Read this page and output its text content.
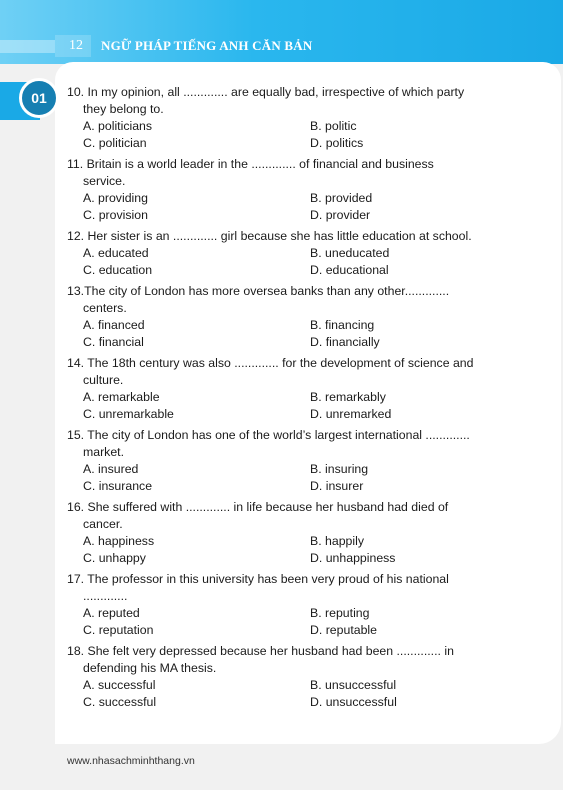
12	NGỮ PHÁP TIẾNG ANH CĂN BẢN
01	10. In my opinion, all ............. are equally bad, irrespective of which party
they belong to.
A. politicians	B. politic
C. politician	D. politics
11. Britain is a world leader in the ............. of financial and business
service.
A. providing	B. provided
C. provision	D. provider
12. Her sister is an ............. girl because she has little education at school.
A. educated	B. uneducated
C. education	D. educational
13.The city of London has more oversea banks than any other.............
centers.
A. financed	B. financing
C. financial	D. financially
14. The 18th century was also ............. for the development of science and
culture.
A. remarkable	B. remarkably
C. unremarkable	D. unremarked
15. The city of London has one of the world’s largest international .............
market.
A. insured	B. insuring
C. insurance	D. insurer
16. She suffered with ............. in life because her husband had died of
cancer.
A. happiness	B. happily
C. unhappy	D. unhappiness
17. The professor in this university has been very proud of his national
.............
A. reputed	B. reputing
C. reputation	D. reputable
18. She felt very depressed because her husband had been ............. in
defending his MA thesis.
A. successful	B. unsuccessful
C. successful	D. unsuccessful
www.nhasachminhthang.vn
